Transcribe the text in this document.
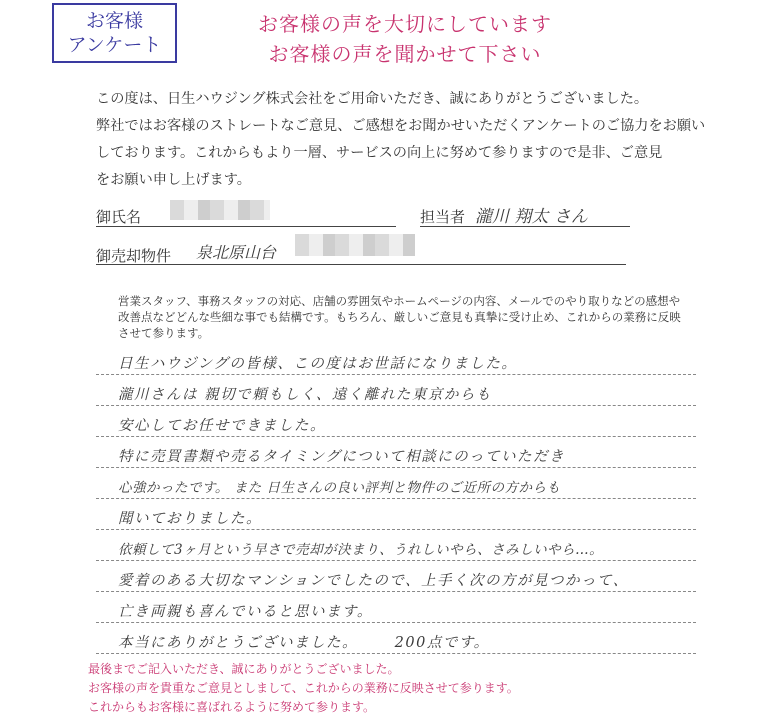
お客様
アンケート
お客様の声を大切にしています
お客様の声を聞かせて下さい
この度は、日生ハウジング株式会社をご用命いただき、誠にありがとうございました。
弊社ではお客様のストレートなご意見、ご感想をお聞かせいただくアンケートのご協力をお願い
しております。これからもより一層、サービスの向上に努めて参りますので是非、ご意見
をお願い申し上げます。
御氏名	担当者 瀧川 翔太 さん
御売却物件 泉北原山台
営業スタッフ、事務スタッフの対応、店舗の雰囲気やホームページの内容、メールでのやり取りなどの感想や
改善点などどんな些細な事でも結構です。もちろん、厳しいご意見も真摯に受け止め、これからの業務に反映
させて参ります。
日生ハウジングの皆様、この度はお世話になりました。
瀧川さんは 親切で頼もしく、遠く離れた東京からも
安心してお任せできました。
特に売買書類や売るタイミングについて相談にのっていただき
心強かったです。 また 日生さんの良い評判と物件のご近所の方からも
聞いておりました。
依頼して3ヶ月という早さで売却が決まり、うれしいやら、さみしいやら…。
愛着のある大切なマンションでしたので、上手く次の方が見つかって、
亡き両親も喜んでいると思います。
本当にありがとうございました。      200点です。
最後までご記入いただき、誠にありがとうございました。
お客様の声を貴重なご意見としまして、これからの業務に反映させて参ります。
これからもお客様に喜ばれるように努めて参ります。
